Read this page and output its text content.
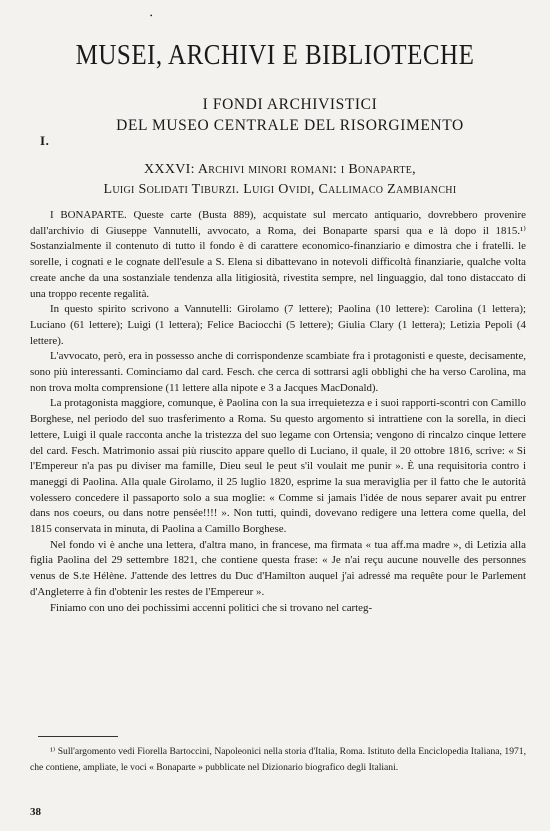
•
MUSEI, ARCHIVI E BIBLIOTECHE
I FONDI ARCHIVISTICI
DEL MUSEO CENTRALE DEL RISORGIMENTO
I.
XXXVI: Archivi minori romani: i Bonaparte,
Luigi Solidati Tiburzi. Luigi Ovidi, Callimaco Zambianchi

I BONAPARTE. Queste carte (Busta 889), acquistate sul mercato antiquario, dovrebbero provenire dall'archivio di Giuseppe Vannutelli, avvocato, a Roma, dei Bonaparte sparsi qua e là dopo il 1815.¹⁾ Sostanzialmente il contenuto di tutto il fondo è di carattere economico-finanziario e dimostra che i fratelli. le sorelle, i cognati e le cognate dell'esule a S. Elena si dibattevano in notevoli difficoltà finanziarie, qualche volta create anche da una sostanziale tendenza alla litigiosità, rivestita sempre, nel linguaggio, dal tono distaccato di una troppo recente regalità.

In questo spirito scrivono a Vannutelli: Girolamo (7 lettere); Paolina (10 lettere): Carolina (1 lettera); Luciano (61 lettere); Luigi (1 lettera); Felice Baciocchi (5 lettere); Giulia Clary (1 lettera); Letizia Pepoli (4 lettere).

L'avvocato, però, era in possesso anche di corrispondenze scambiate fra i protagonisti e queste, decisamente, sono più interessanti. Cominciamo dal card. Fesch. che cerca di sottrarsi agli obblighi che ha verso Carolina, ma non trova molta comprensione (11 lettere alla nipote e 3 a Jacques MacDonald).

La protagonista maggiore, comunque, è Paolina con la sua irrequietezza e i suoi rapporti-scontri con Camillo Borghese, nel periodo del suo trasferimento a Roma. Su questo argomento si intrattiene con la sorella, in dieci lettere, Luigi il quale racconta anche la tristezza del suo legame con Ortensia; vengono di rincalzo cinque lettere del card. Fesch. Matrimonio assai più riuscito appare quello di Luciano, il quale, il 20 ottobre 1816, scrive: « Si l'Empereur n'a pas pu diviser ma famille, Dieu seul le peut s'il voulait me punir ». È una requisitoria contro i maneggi di Paolina. Alla quale Girolamo, il 25 luglio 1820, esprime la sua meraviglia per il fatto che le autorità volessero concedere il passaporto solo a sua moglie: « Comme si jamais l'idée de nous separer avait pu entrer dans nos coeurs, ou dans notre pensée!!!! ». Non tutti, quindi, dovevano redigere una lettera come quella, del 1815 conservata in minuta, di Paolina a Camillo Borghese.

Nel fondo vi è anche una lettera, d'altra mano, in francese, ma firmata « tua aff.ma madre », di Letizia alla figlia Paolina del 29 settembre 1821, che contiene questa frase: « Je n'ai reçu aucune nouvelle des personnes venus de S.te Hélène. J'attende des lettres du Duc d'Hamilton auquel j'ai adressé ma requête pour le Parlement d'Angleterre à fin d'obtenir les restes de l'Empereur ».

Finiamo con uno dei pochissimi accenni politici che si trovano nel carteg-

¹⁾ Sull'argomento vedi Fiorella Bartoccini, Napoleonici nella storia d'Italia, Roma. Istituto della Enciclopedia Italiana, 1971, che contiene, ampliate, le voci « Bonaparte » pubblicate nel Dizionario biografico degli Italiani.

38
